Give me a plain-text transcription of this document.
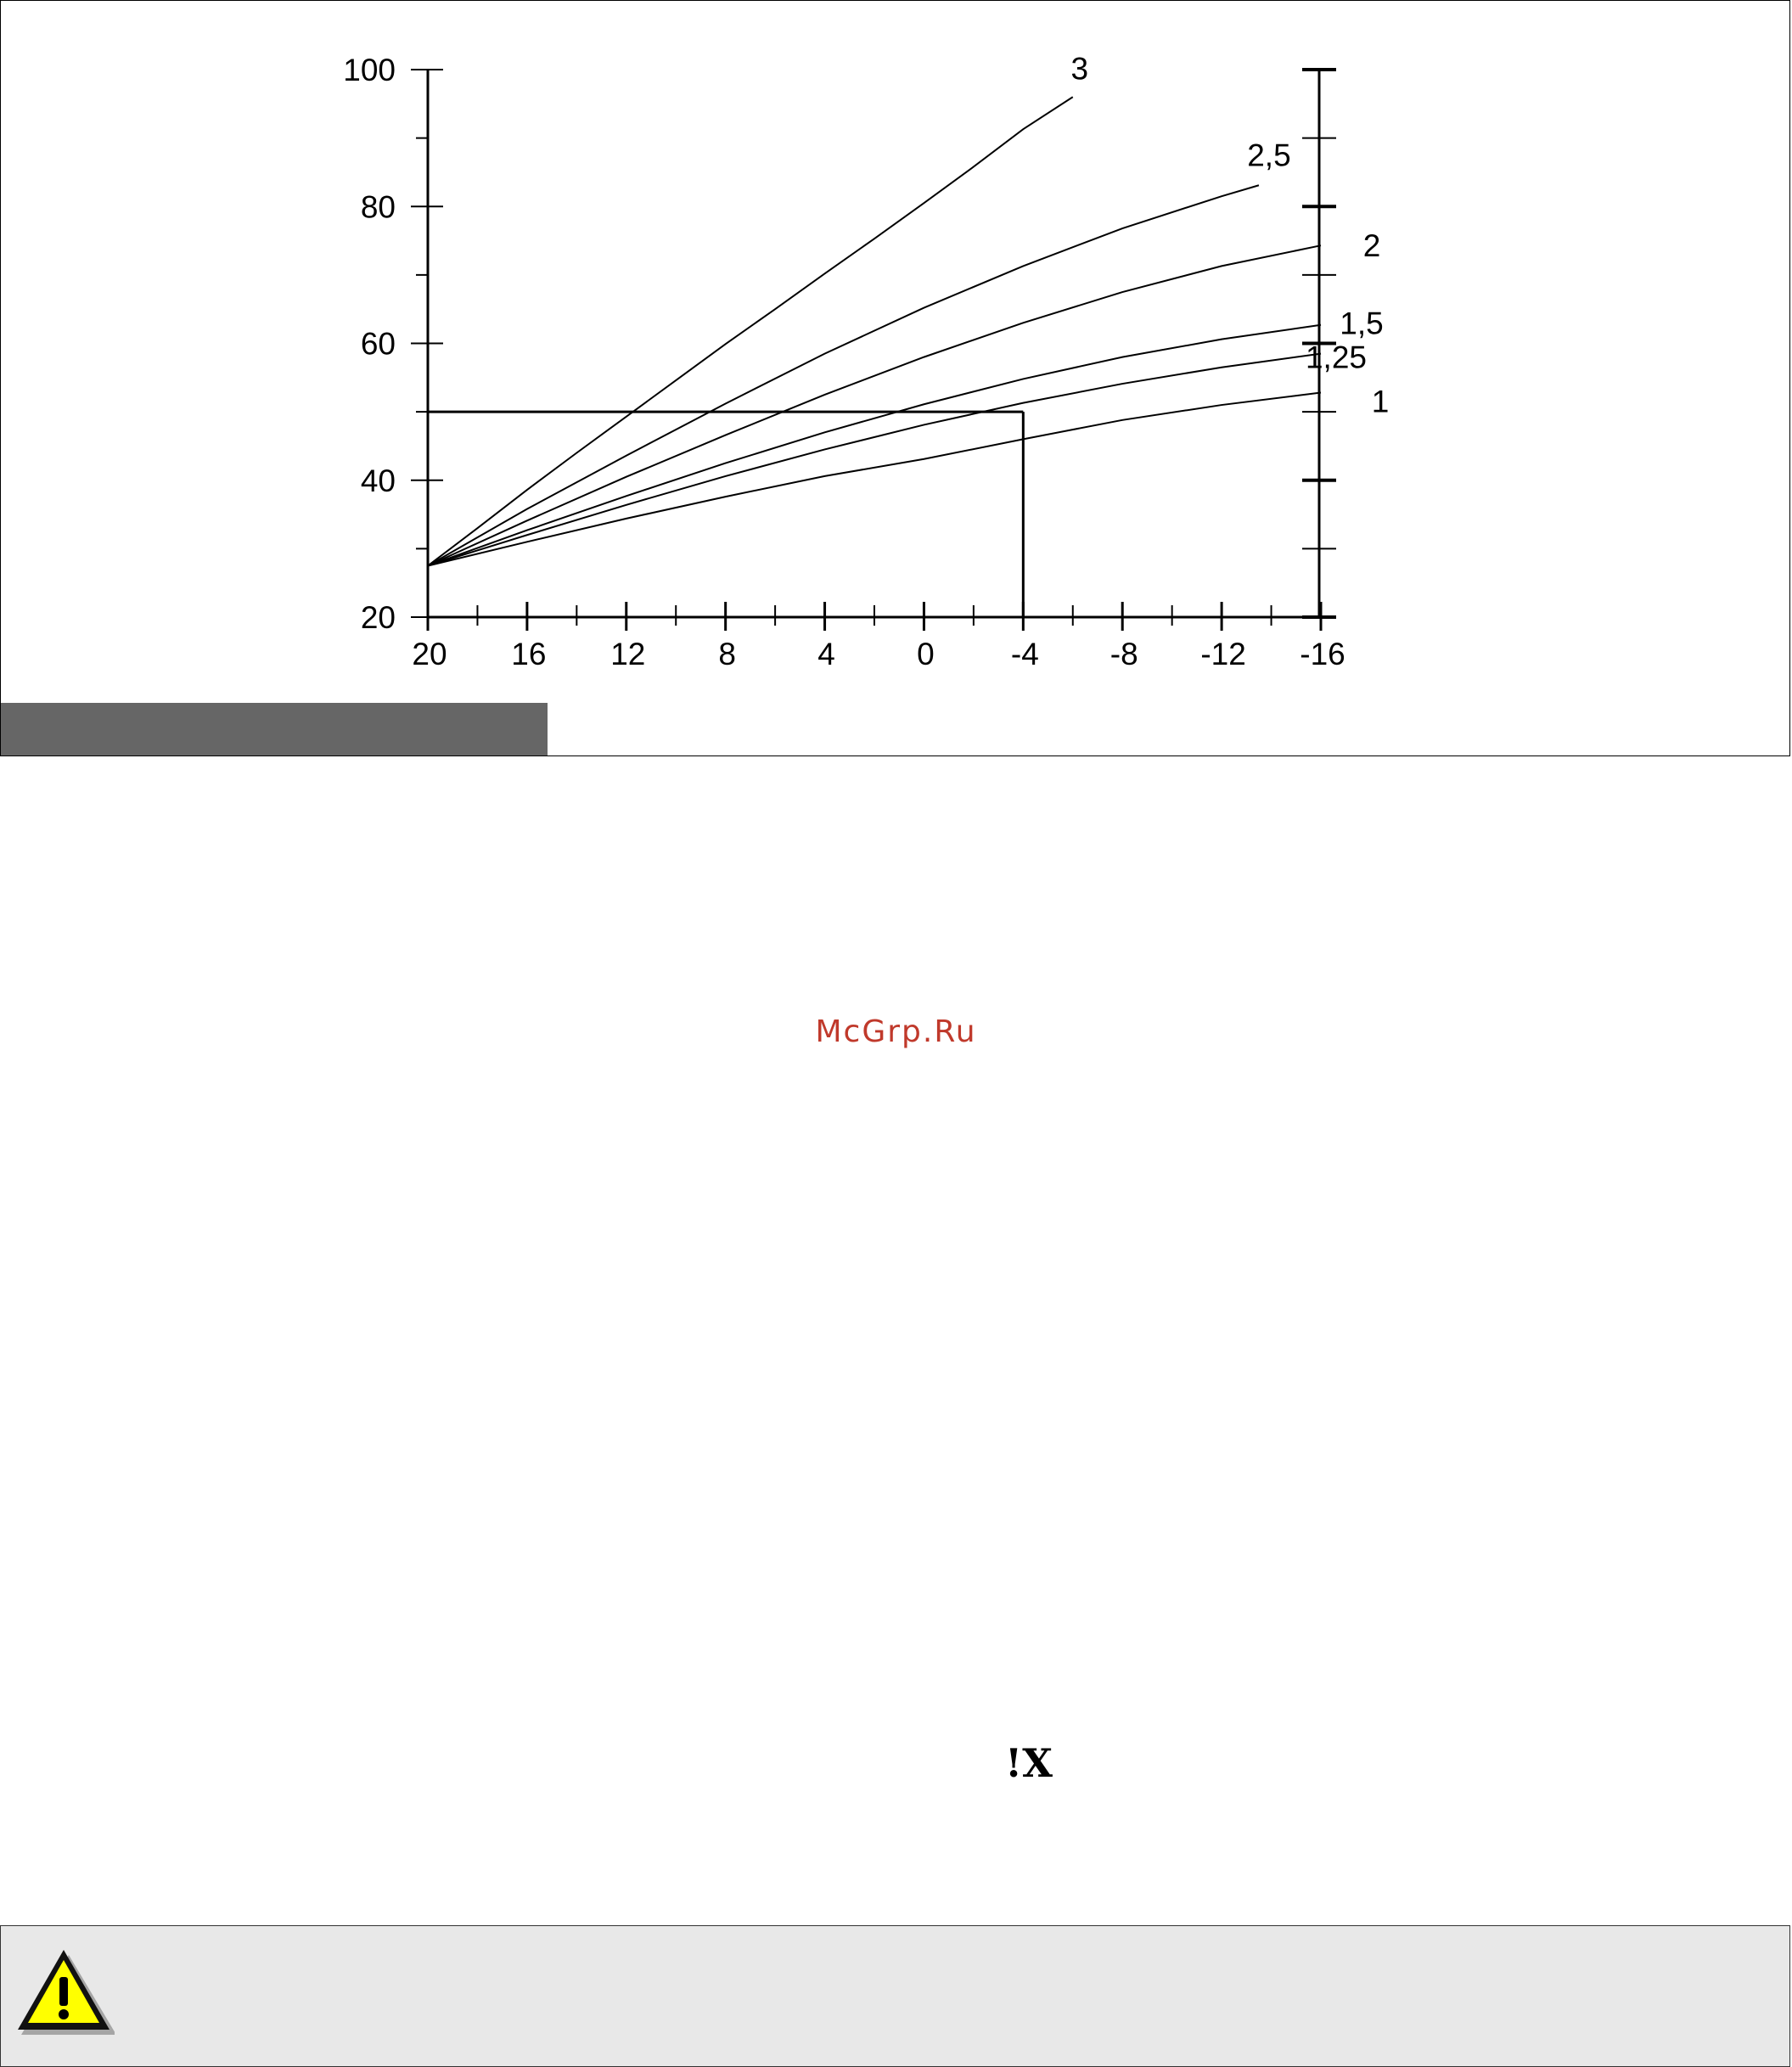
100
80
60
40
20
20 16 12 8	4	0 -4 -8 -12 -16
3
2,5
2
1,5
1,25
1
McGrp.Ru
!X
